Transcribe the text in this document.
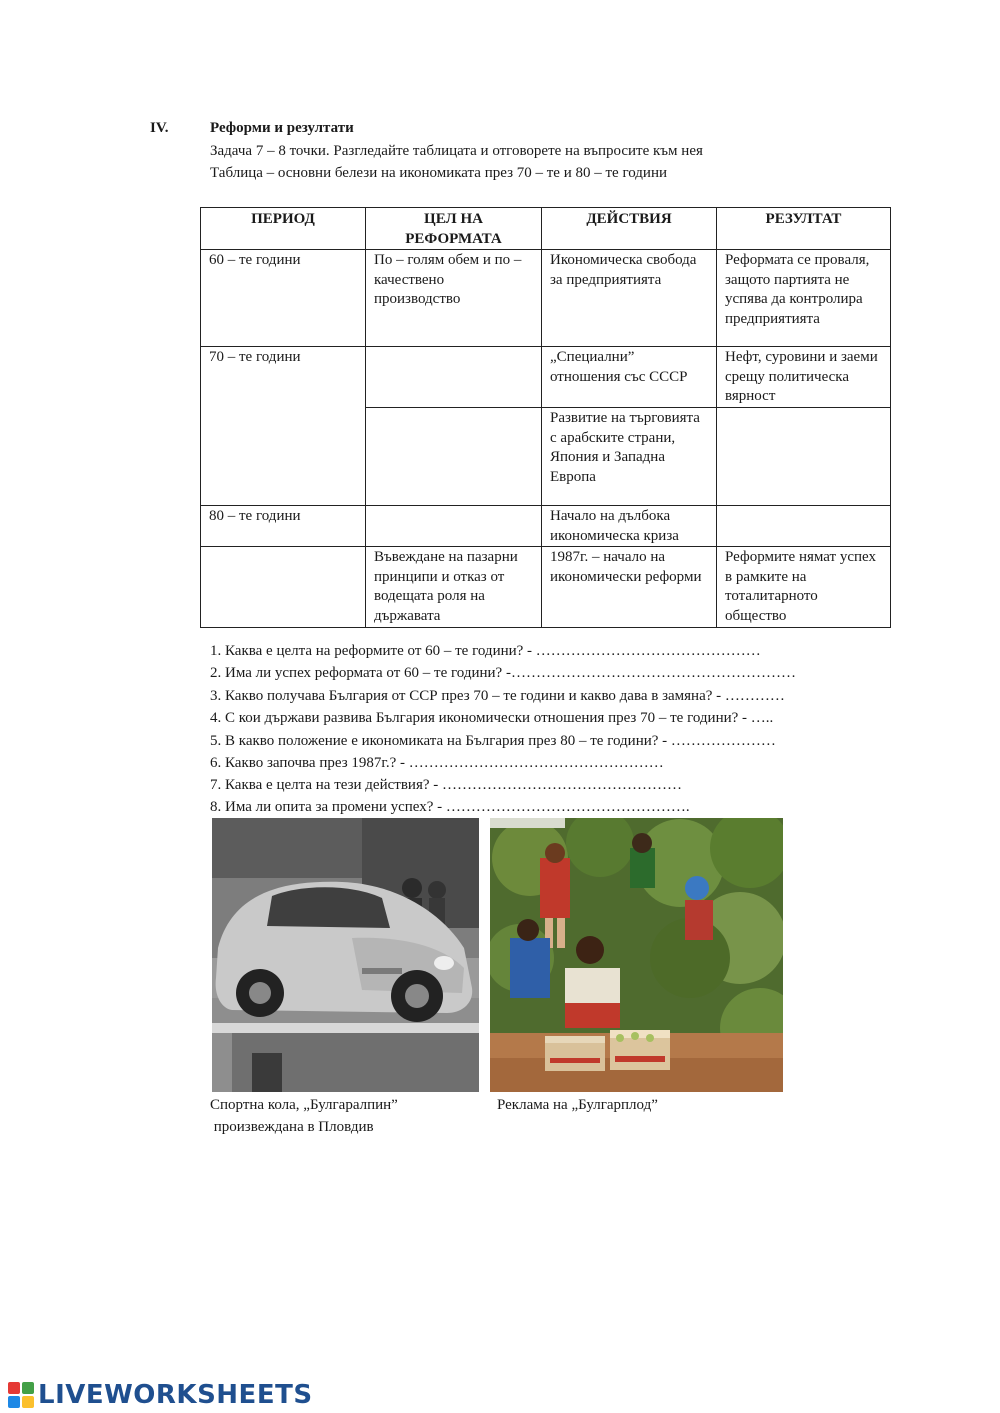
IV.	Реформи и резултати
Задача 7 – 8 точки. Разгледайте таблицата и отговорете на въпросите към нея
Таблица – основни белези на икономиката през 70 – те и 80 – те години
ПЕРИОД	ЦЕЛ НА РЕФОРМАТА	ДЕЙСТВИЯ	РЕЗУЛТАТ
60 – те години	По – голям обем и по – качествено производство	Икономическа свобода за предприятията	Реформата се проваля, защото партията не успява да контролира предприятията
70 – те години		„Специални” отношения със СССР	Нефт, суровини и заеми срещу политическа вярност
		Развитие на търговията с арабските страни, Япония и Западна Европа	
80 – те години		Начало на дълбока икономическа криза	
	Въвеждане на пазарни принципи и отказ от водещата роля на държавата	1987г. – начало на икономически реформи	Реформите нямат успех в рамките на тоталитарното общество
1. Каква е целта на реформите от 60 – те години? - ………………………………………
2. Има ли успех реформата от 60 – те години? -…………………………………………………
3. Какво получава България от ССР през 70 – те години и какво дава в замяна? - …………
4. С кои държави развива България икономически отношения през 70 – те години? - …..
5. В какво положение е икономиката на България през 80 – те години? - …………………
6. Какво започва през 1987г.? - ……………………………………………
7. Каква е целта на тези действия? - …………………………………………
8. Има ли опита за промени успех? - ………………………………………….
Спортна кола, „Булгаралпин”
произвеждана в Пловдив
Реклама на „Булгарплод”
LIVEWORKSHEETS
